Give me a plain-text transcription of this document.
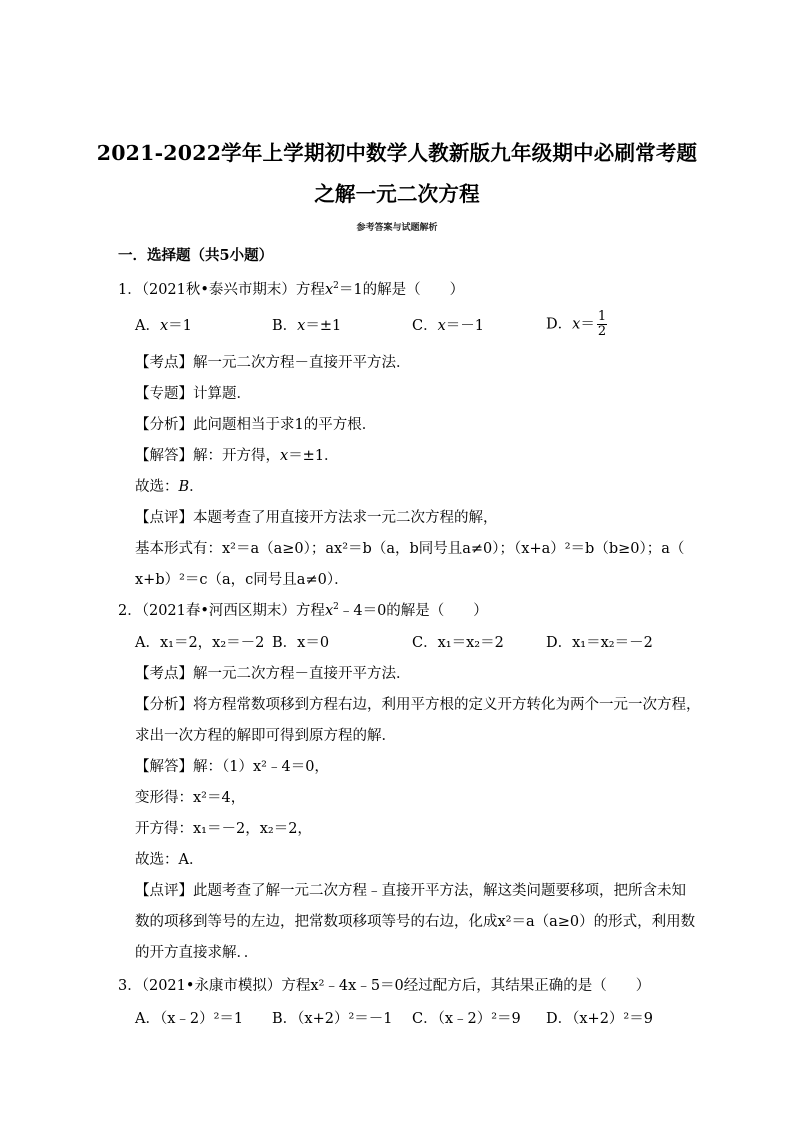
2021-2022学年上学期初中数学人教新版九年级期中必刷常考题
之解一元二次方程
参考答案与试题解析
一．选择题（共5小题）
1．（2021秋•泰兴市期末）方程$x^2=1$的解是（　　）
A．x＝1	B．x＝±1	C．x＝－1	D．$x= \frac{1}{2}$
【考点】解一元二次方程－直接开平方法．
【专题】计算题．
【分析】此问题相当于求1的平方根．
【解答】解：开方得，x＝±1．
故选：B．
【点评】本题考查了用直接开方法求一元二次方程的解，
基本形式有：x²＝a（a≥0）；ax²＝b（a，b同号且a≠0）；（x+a）²＝b（b≥0）；a（
x+b）²＝c（a，c同号且a≠0）．
2．（2021春•河西区期末）方程$x^2﹣4=0$的解是（　　）
A．x₁＝2，x₂＝－2 B．x＝0	C．x₁＝x₂＝2	D．x₁＝x₂＝－2
【考点】解一元二次方程－直接开平方法．
【分析】将方程常数项移到方程右边，利用平方根的定义开方转化为两个一元一次方程，
求出一次方程的解即可得到原方程的解．
【解答】解：（1）x²﹣4＝0，
变形得：x²＝4，
开方得：x₁＝－2，x₂＝2，
故选：A．
【点评】此题考查了解一元二次方程﹣直接开平方法，解这类问题要移项，把所含未知
数的项移到等号的左边，把常数项移项等号的右边，化成x²＝a（a≥0）的形式，利用数
的开方直接求解．．
3．（2021•永康市模拟）方程x²﹣4x﹣5＝0经过配方后，其结果正确的是（　　）
A．（x﹣2）²＝1 B．（x+2）²＝－1 C．（x﹣2）²＝9 D．（x+2）²＝9
